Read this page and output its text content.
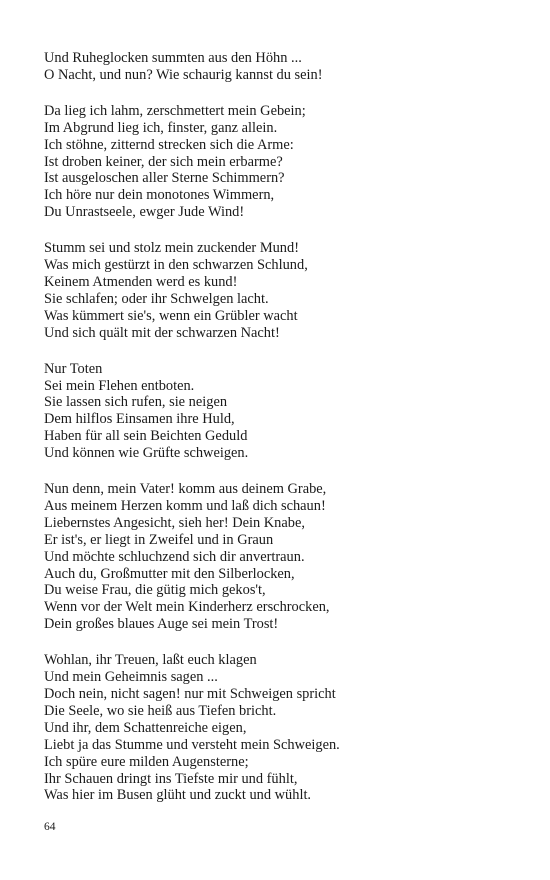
Und Ruheglocken summten aus den Höhn ...
O Nacht, und nun? Wie schaurig kannst du sein!
Da lieg ich lahm, zerschmettert mein Gebein;
Im Abgrund lieg ich, finster, ganz allein.
Ich stöhne, zitternd strecken sich die Arme:
Ist droben keiner, der sich mein erbarme?
Ist ausgeloschen aller Sterne Schimmern?
Ich höre nur dein monotones Wimmern,
Du Unrastseele, ewger Jude Wind!
Stumm sei und stolz mein zuckender Mund!
Was mich gestürzt in den schwarzen Schlund,
Keinem Atmenden werd es kund!
Sie schlafen; oder ihr Schwelgen lacht.
Was kümmert sie's, wenn ein Grübler wacht
Und sich quält mit der schwarzen Nacht!
Nur Toten
Sei mein Flehen entboten.
Sie lassen sich rufen, sie neigen
Dem hilflos Einsamen ihre Huld,
Haben für all sein Beichten Geduld
Und können wie Grüfte schweigen.
Nun denn, mein Vater! komm aus deinem Grabe,
Aus meinem Herzen komm und laß dich schaun!
Liebernstes Angesicht, sieh her! Dein Knabe,
Er ist's, er liegt in Zweifel und in Graun
Und möchte schluchzend sich dir anvertraun.
Auch du, Großmutter mit den Silberlocken,
Du weise Frau, die gütig mich gekos't,
Wenn vor der Welt mein Kinderherz erschrocken,
Dein großes blaues Auge sei mein Trost!
Wohlan, ihr Treuen, laßt euch klagen
Und mein Geheimnis sagen ...
Doch nein, nicht sagen! nur mit Schweigen spricht
Die Seele, wo sie heiß aus Tiefen bricht.
Und ihr, dem Schattenreiche eigen,
Liebt ja das Stumme und versteht mein Schweigen.
Ich spüre eure milden Augensterne;
Ihr Schauen dringt ins Tiefste mir und fühlt,
Was hier im Busen glüht und zuckt und wühlt.
64
